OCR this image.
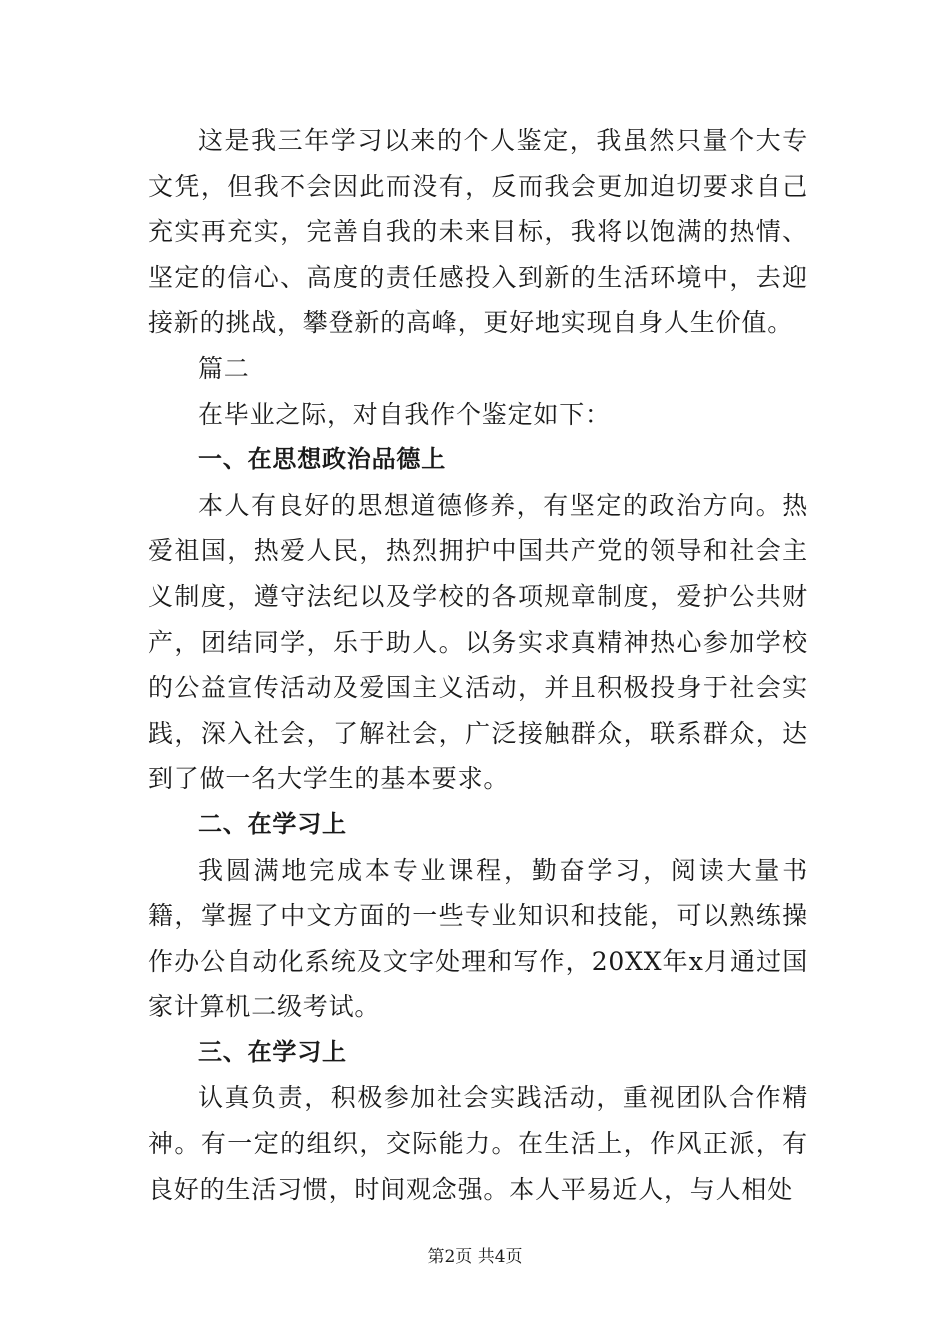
这是我三年学习以来的个人鉴定，我虽然只量个大专文凭，但我不会因此而没有，反而我会更加迫切要求自己充实再充实，完善自我的未来目标，我将以饱满的热情、坚定的信心、高度的责任感投入到新的生活环境中，去迎接新的挑战，攀登新的高峰，更好地实现自身人生价值。

篇二

在毕业之际，对自我作个鉴定如下：

一、在思想政治品德上

本人有良好的思想道德修养，有坚定的政治方向。热爱祖国，热爱人民，热烈拥护中国共产党的领导和社会主义制度，遵守法纪以及学校的各项规章制度，爱护公共财产，团结同学，乐于助人。以务实求真精神热心参加学校的公益宣传活动及爱国主义活动，并且积极投身于社会实践，深入社会，了解社会，广泛接触群众，联系群众，达到了做一名大学生的基本要求。

二、在学习上

我圆满地完成本专业课程，勤奋学习，阅读大量书籍，掌握了中文方面的一些专业知识和技能，可以熟练操作办公自动化系统及文字处理和写作，20XX年x月通过国家计算机二级考试。

三、在学习上

认真负责，积极参加社会实践活动，重视团队合作精神。有一定的组织，交际能力。在生活上，作风正派，有良好的生活习惯，时间观念强。本人平易近人，与人相处

第2页 共4页
